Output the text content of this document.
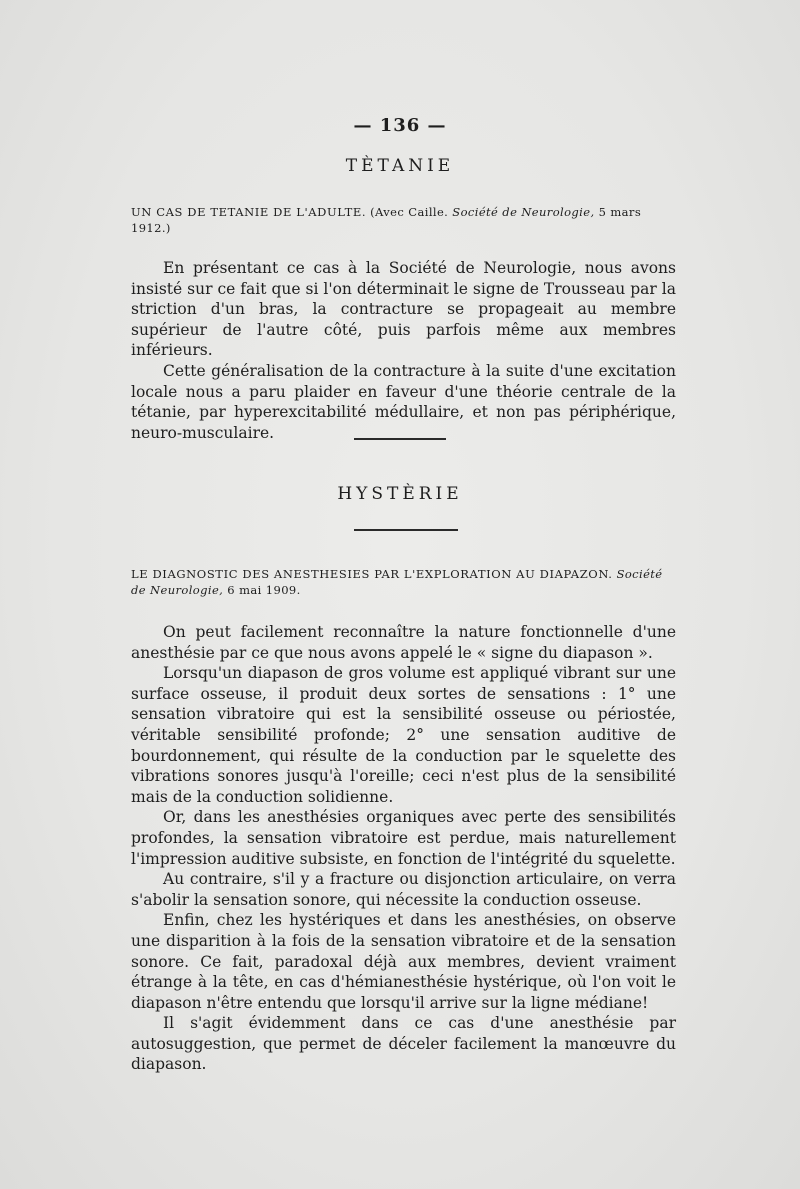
— 136 —
TÈTANIE
UN CAS DE TETANIE DE L'ADULTE. (Avec Caille. Société de Neurologie, 5 mars 1912.)

En présentant ce cas à la Société de Neurologie, nous avons insisté sur ce fait que si l'on déterminait le signe de Trousseau par la striction d'un bras, la contracture se propageait au membre supérieur de l'autre côté, puis parfois même aux membres inférieurs.

Cette généralisation de la contracture à la suite d'une excitation locale nous a paru plaider en faveur d'une théorie centrale de la tétanie, par hyperexcitabilité médullaire, et non pas périphérique, neuro-musculaire.

HYSTÈRIE
LE DIAGNOSTIC DES ANESTHESIES PAR L'EXPLORATION AU DIAPAZON. Société de Neurologie, 6 mai 1909.

On peut facilement reconnaître la nature fonctionnelle d'une anesthésie par ce que nous avons appelé le « signe du diapason ».

Lorsqu'un diapason de gros volume est appliqué vibrant sur une surface osseuse, il produit deux sortes de sensations : 1° une sensation vibratoire qui est la sensibilité osseuse ou périostée, véritable sensibilité profonde; 2° une sensation auditive de bourdonnement, qui résulte de la conduction par le squelette des vibrations sonores jusqu'à l'oreille; ceci n'est plus de la sensibilité mais de la conduction solidienne.

Or, dans les anesthésies organiques avec perte des sensibilités profondes, la sensation vibratoire est perdue, mais naturellement l'impression auditive subsiste, en fonction de l'intégrité du squelette.

Au contraire, s'il y a fracture ou disjonction articulaire, on verra s'abolir la sensation sonore, qui nécessite la conduction osseuse.

Enfin, chez les hystériques et dans les anesthésies, on observe une disparition à la fois de la sensation vibratoire et de la sensation sonore. Ce fait, paradoxal déjà aux membres, devient vraiment étrange à la tête, en cas d'hémianesthésie hystérique, où l'on voit le diapason n'être entendu que lorsqu'il arrive sur la ligne médiane!

Il s'agit évidemment dans ce cas d'une anesthésie par autosuggestion, que permet de déceler facilement la manœuvre du diapason.
